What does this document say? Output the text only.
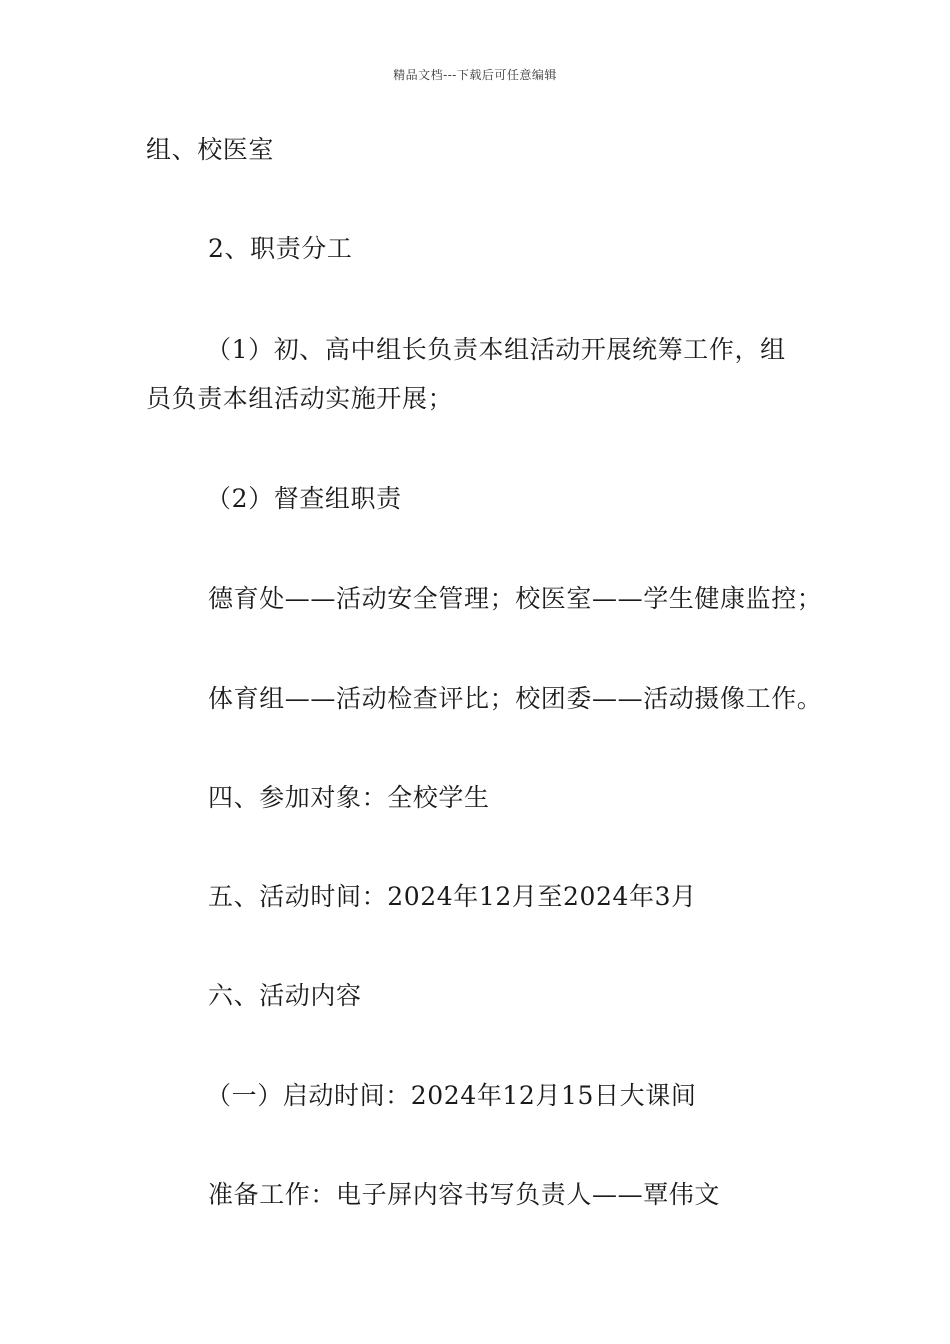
精品文档---下载后可任意编辑
组、校医室
2、职责分工
（1）初、高中组长负责本组活动开展统筹工作，组
员负责本组活动实施开展；
（2）督查组职责
德育处——活动安全管理；校医室——学生健康监控；
体育组——活动检查评比；校团委——活动摄像工作。
四、参加对象：全校学生
五、活动时间：2024年12月至2024年3月
六、活动内容
（一）启动时间：2024年12月15日大课间
准备工作：电子屏内容书写负责人——覃伟文
